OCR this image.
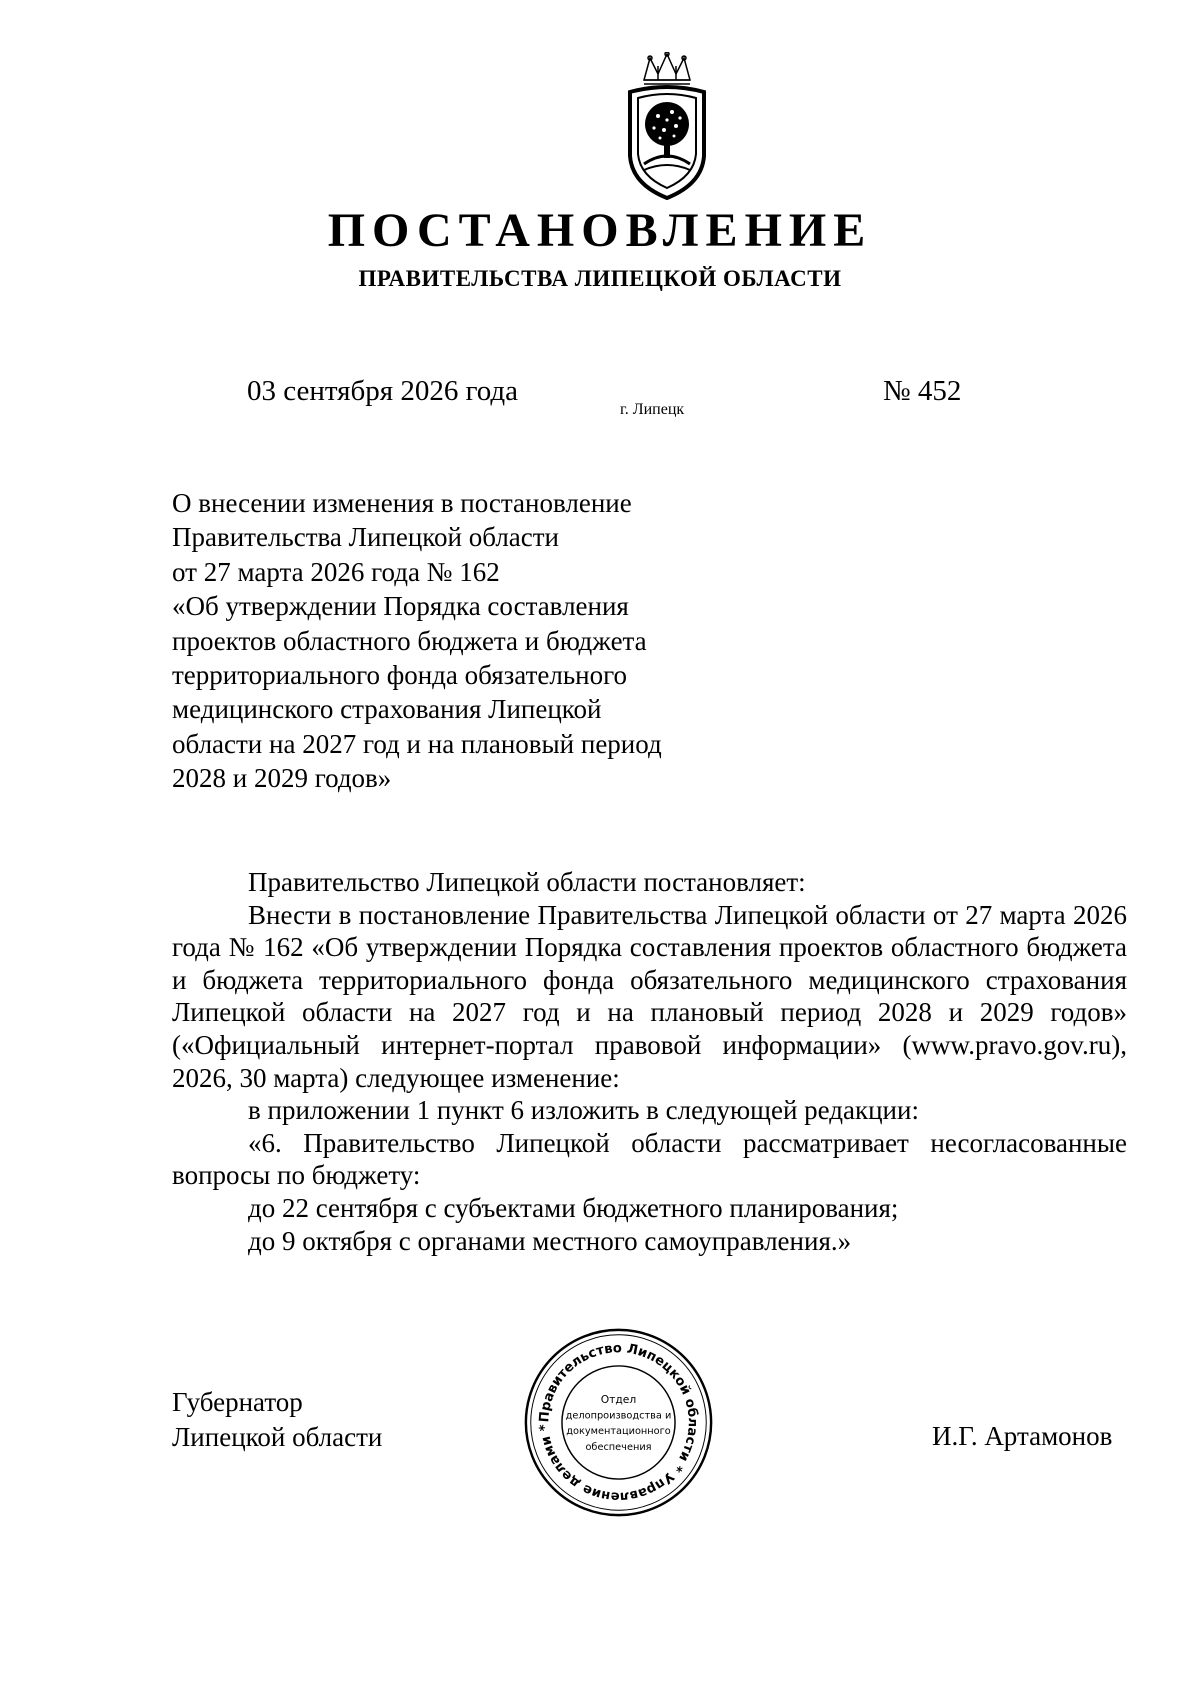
ПОСТАНОВЛЕНИЕ
ПРАВИТЕЛЬСТВА ЛИПЕЦКОЙ ОБЛАСТИ
03 сентября 2026 года
г. Липецк
№ 452
О внесении изменения в постановление
Правительства Липецкой области
от 27 марта 2026 года № 162
«Об утверждении Порядка составления
проектов областного бюджета и бюджета
территориального фонда обязательного
медицинского страхования Липецкой
области на 2027 год и на плановый период
2028 и 2029 годов»

Правительство Липецкой области постановляет:

Внести в постановление Правительства Липецкой области от 27 марта 2026 года № 162 «Об утверждении Порядка составления проектов областного бюджета и бюджета территориального фонда обязательного медицинского страхования Липецкой области на 2027 год и на плановый период 2028 и 2029 годов» («Официальный интернет-портал правовой информации» (www.pravo.gov.ru), 2026, 30 марта) следующее изменение:

в приложении 1 пункт 6 изложить в следующей редакции:

«6. Правительство Липецкой области рассматривает несогласованные вопросы по бюджету:

до 22 сентября с субъектами бюджетного планирования;

до 9 октября с органами местного самоуправления.»

Губернатор
Липецкой области
Правительство Липецкой области * Управление делами *
Отдел
делопроизводства и
документационного
обеспечения	И.Г. Артамонов
